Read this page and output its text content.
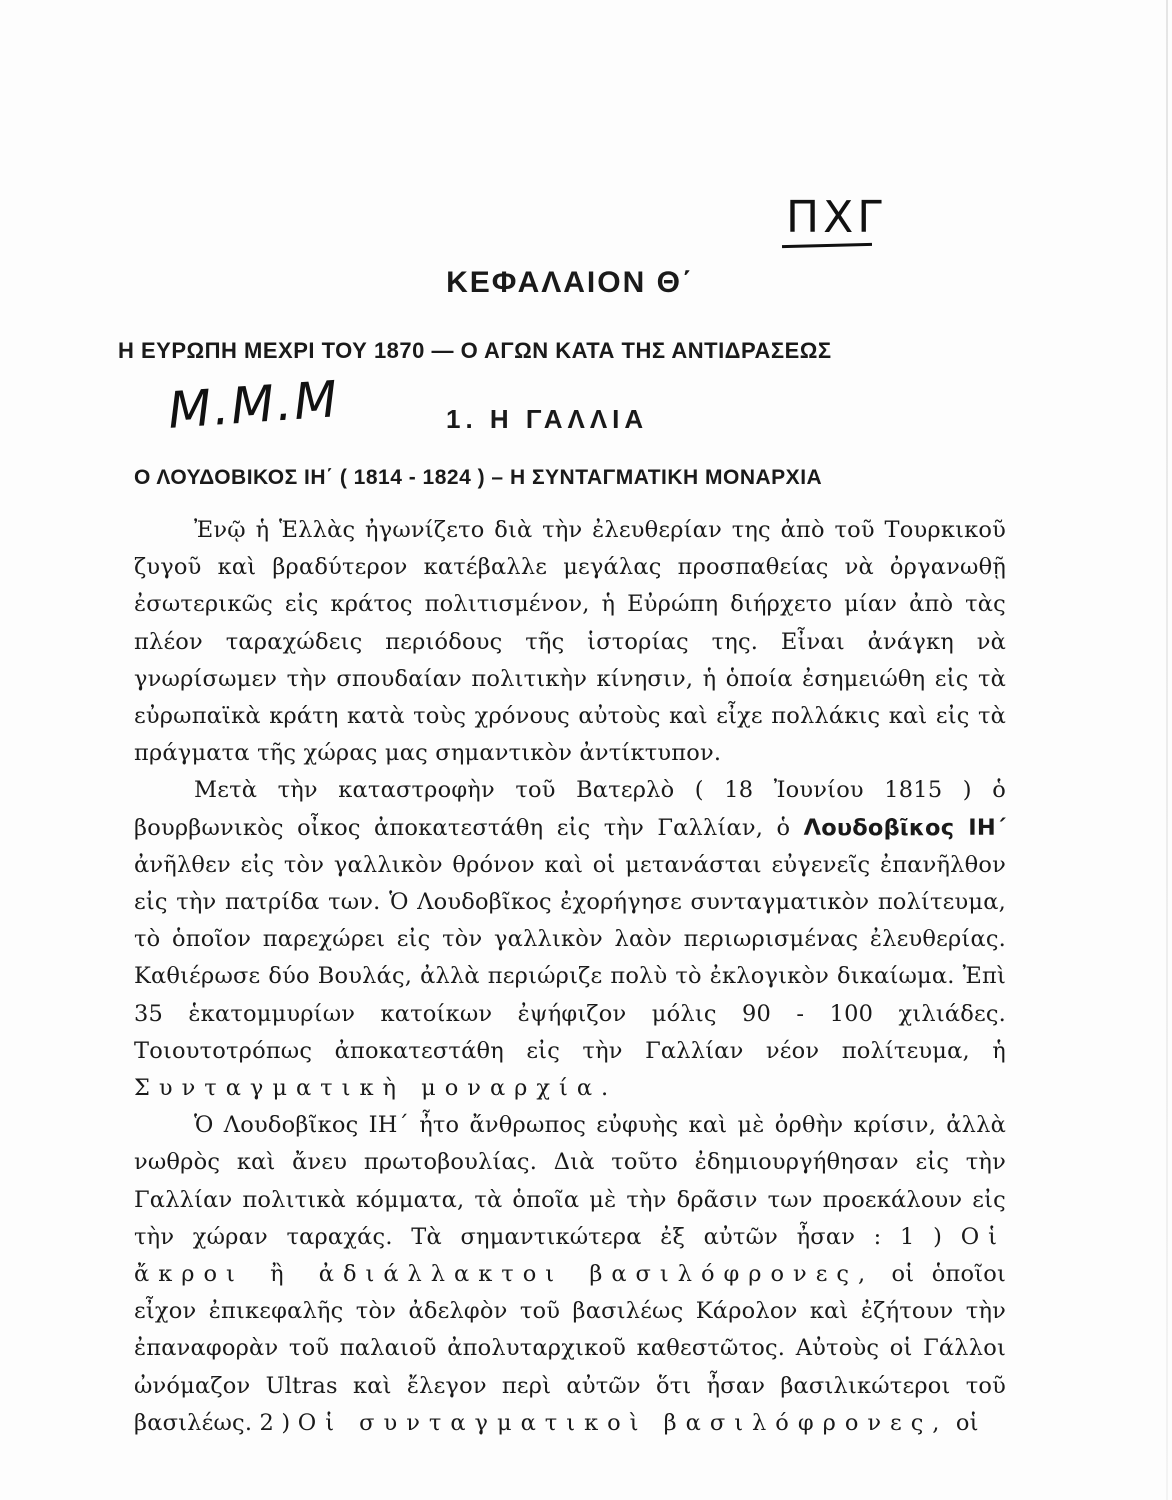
ΠΧΓ
ΚΕΦΑΛΑΙΟΝ Θ΄
Η ΕΥΡΩΠΗ ΜΕΧΡΙ ΤΟΥ 1870 — Ο ΑΓΩΝ ΚΑΤΑ ΤΗΣ ΑΝΤΙΔΡΑΣΕΩΣ
Μ.Μ.Μ	1. Η ΓΑΛΛΙΑ
Ο ΛΟΥΔΟΒΙΚΟΣ ΙΗ΄ ( 1814 - 1824 ) – Η ΣΥΝΤΑΓΜΑΤΙΚΗ ΜΟΝΑΡΧΙΑ

Ἐνῷ ἡ Ἑλλὰς ἠγωνίζετο διὰ τὴν ἐλευθερίαν της ἀπὸ τοῦ Τουρκικοῦ ζυγοῦ καὶ βραδύτερον κατέβαλλε μεγάλας προσπαθείας νὰ ὀργανωθῇ ἐσωτερικῶς εἰς κράτος πολιτισμένον, ἡ Εὐρώπη διήρχετο μίαν ἀπὸ τὰς πλέον ταραχώδεις περιόδους τῆς ἱστορίας της. Εἶναι ἀνάγκη νὰ γνωρίσωμεν τὴν σπουδαίαν πολιτικὴν κίνησιν, ἡ ὁποία ἐσημειώθη εἰς τὰ εὐρωπαϊκὰ κράτη κατὰ τοὺς χρόνους αὐτοὺς καὶ εἶχε πολλάκις καὶ εἰς τὰ πράγματα τῆς χώρας μας σημαντικὸν ἀντίκτυπον.

Μετὰ τὴν καταστροφὴν τοῦ Βατερλὸ ( 18 Ἰουνίου 1815 ) ὁ βουρβωνικὸς οἶκος ἀποκατεστάθη εἰς τὴν Γαλλίαν, ὁ Λουδοβῖκος ΙΗ΄ ἀνῆλθεν εἰς τὸν γαλλικὸν θρόνον καὶ οἱ μετανάσται εὐγενεῖς ἐπανῆλθον εἰς τὴν πατρίδα των. Ὁ Λουδοβῖκος ἐχορήγησε συνταγματικὸν πολίτευμα, τὸ ὁποῖον παρεχώρει εἰς τὸν γαλλικὸν λαὸν περιωρισμένας ἐλευθερίας. Καθιέρωσε δύο Βουλάς, ἀλλὰ περιώριζε πολὺ τὸ ἐκλογικὸν δικαίωμα. Ἐπὶ 35 ἑκατομμυρίων κατοίκων ἐψήφιζον μόλις 90 - 100 χιλιάδες. Τοιουτοτρόπως ἀποκατεστάθη εἰς τὴν Γαλλίαν νέον πολίτευμα, ἡ Συνταγματικὴ μοναρχία.

Ὁ Λουδοβῖκος ΙΗ΄ ἦτο ἄνθρωπος εὐφυὴς καὶ μὲ ὀρθὴν κρίσιν, ἀλλὰ νωθρὸς καὶ ἄνευ πρωτοβουλίας. Διὰ τοῦτο ἐδημιουργήθησαν εἰς τὴν Γαλλίαν πολιτικὰ κόμματα, τὰ ὁποῖα μὲ τὴν δρᾶσιν των προεκάλουν εἰς τὴν χώραν ταραχάς. Τὰ σημαντικώτερα ἐξ αὐτῶν ἦσαν : 1 ) Οἱ ἄκροι ἢ ἀδιάλλακτοι βασιλόφρονες, οἱ ὁποῖοι εἶχον ἐπικεφαλῆς τὸν ἀδελφὸν τοῦ βασιλέως Κάρολον καὶ ἐζήτουν τὴν ἐπαναφορὰν τοῦ παλαιοῦ ἀπολυταρχικοῦ καθεστῶτος. Αὐτοὺς οἱ Γάλλοι ὠνόμαζον Ultras καὶ ἔλεγον περὶ αὐτῶν ὅτι ἦσαν βασιλικώτεροι τοῦ βασιλέως. 2 ) Οἱ συνταγματικοὶ βασιλόφρονες, οἱ
